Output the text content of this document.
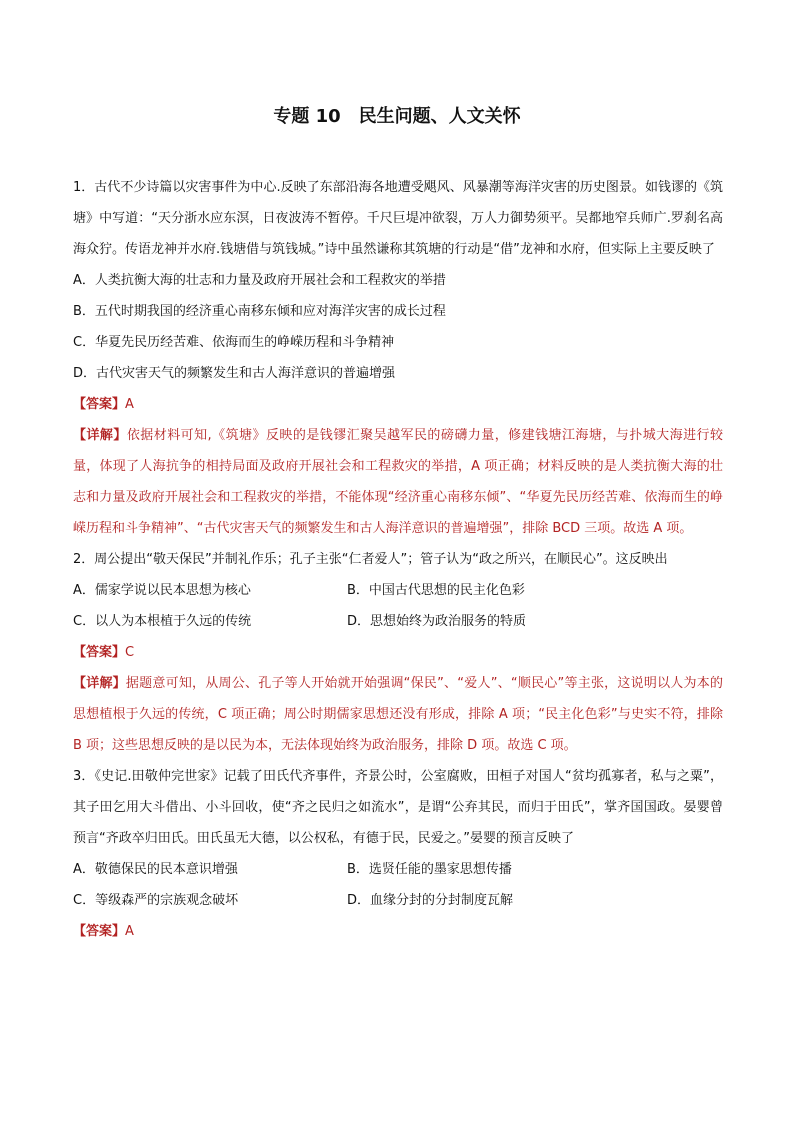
专题 10　民生问题、人文关怀
1．古代不少诗篇以灾害事件为中心.反映了东部沿海各地遭受飓风、风暴潮等海洋灾害的历史图景。如钱谬的《筑塘》中写道：“天分浙水应东溟，日夜波涛不暂停。千尺巨堤冲欲裂，万人力御势须平。吴都地窄兵师广.罗刹名高海众狞。传语龙神并水府.钱塘借与筑钱城。”诗中虽然谦称其筑塘的行动是“借”龙神和水府，但实际上主要反映了
A．人类抗衡大海的壮志和力量及政府开展社会和工程救灾的举措
B．五代时期我国的经济重心南移东倾和应对海洋灾害的成长过程
C．华夏先民历经苦难、依海而生的峥嵘历程和斗争精神
D．古代灾害天气的频繁发生和古人海洋意识的普遍增强
【答案】A
【详解】依据材料可知,《筑塘》反映的是钱镠汇聚吴越军民的磅礴力量，修建钱塘江海塘，与扑城大海进行较量，体现了人海抗争的相持局面及政府开展社会和工程救灾的举措，A 项正确；材料反映的是人类抗衡大海的壮志和力量及政府开展社会和工程救灾的举措，不能体现“经济重心南移东倾”、“华夏先民历经苦难、依海而生的峥嵘历程和斗争精神”、“古代灾害天气的频繁发生和古人海洋意识的普遍增强”，排除 BCD 三项。故选 A 项。
2．周公提出“敬天保民”并制礼作乐；孔子主张“仁者爱人”；管子认为“政之所兴，在顺民心”。这反映出
A．儒家学说以民本思想为核心	B．中国古代思想的民主化色彩
C．以人为本根植于久远的传统	D．思想始终为政治服务的特质
【答案】C
【详解】据题意可知，从周公、孔子等人开始就开始强调“保民”、“爱人”、“顺民心”等主张，这说明以人为本的思想植根于久远的传统，C 项正确；周公时期儒家思想还没有形成，排除 A 项；“民主化色彩”与史实不符，排除 B 项；这些思想反映的是以民为本，无法体现始终为政治服务，排除 D 项。故选 C 项。
3．《史记.田敬仲完世家》记载了田氏代齐事件，齐景公时，公室腐败，田桓子对国人“贫均孤寡者，私与之粟”，其子田乞用大斗借出、小斗回收，使“齐之民归之如流水”，是谓“公弃其民，而归于田氏”，掌齐国国政。晏婴曾预言“齐政卒归田氏。田氏虽无大德，以公权私，有德于民，民爱之。”晏婴的预言反映了
A．敬德保民的民本意识增强	B．选贤任能的墨家思想传播
C．等级森严的宗族观念破坏	D．血缘分封的分封制度瓦解
【答案】A
